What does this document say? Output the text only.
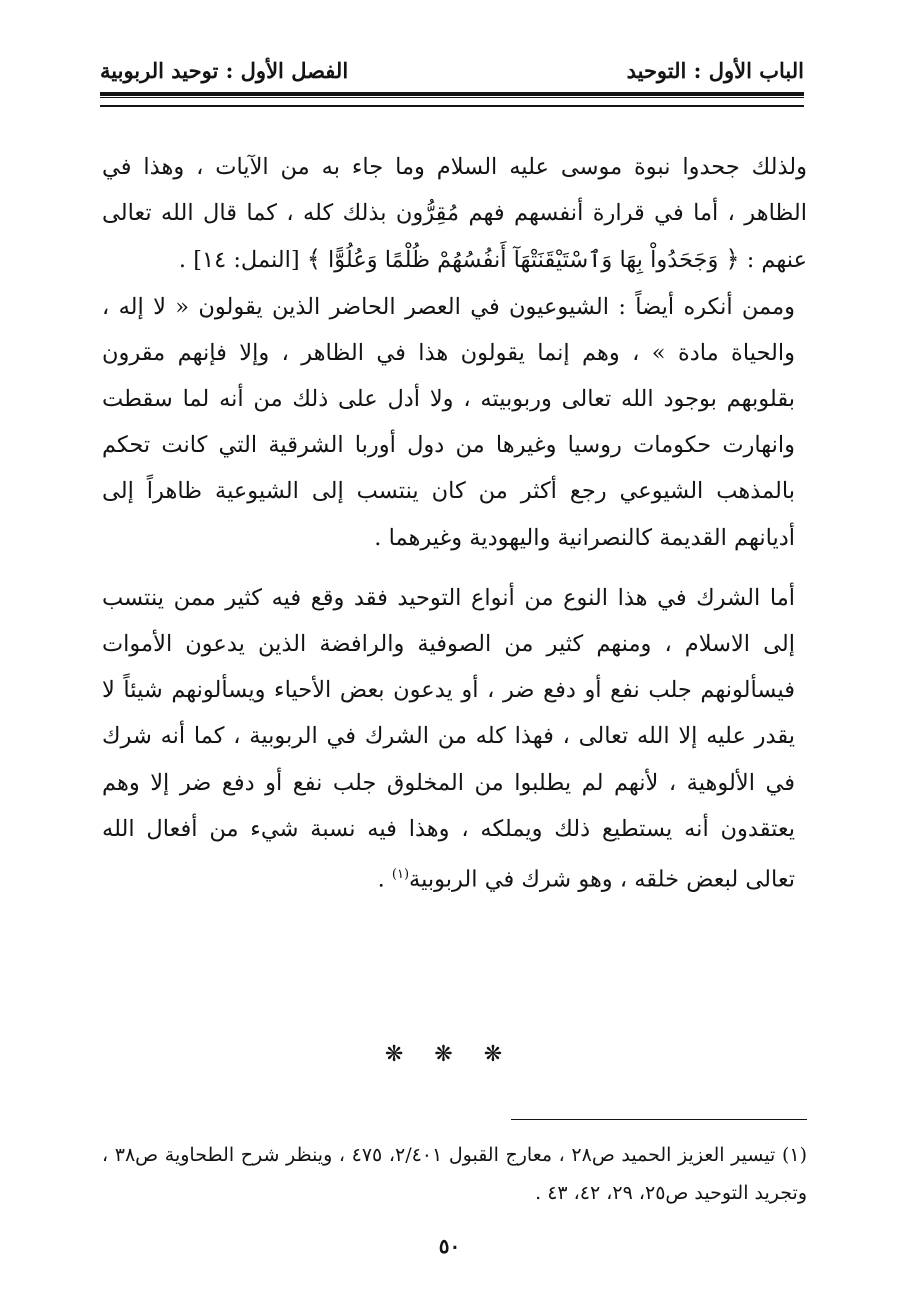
الباب الأول : التوحيد
الفصل الأول : توحيد الربوبية

ولذلك جحدوا نبوة موسى عليه السلام وما جاء به من الآيات ، وهذا في الظاهر ، أما في قرارة أنفسهم فهم مُقِرُّون بذلك كله ، كما قال الله تعالى عنهم : ﴿ وَجَحَدُواْ بِهَا وَٱسْتَيْقَنَتْهَآ أَنفُسُهُمْ ظُلْمًا وَعُلُوًّا ﴾ [النمل: ١٤] .

وممن أنكره أيضاً : الشيوعيون في العصر الحاضر الذين يقولون « لا إله ، والحياة مادة » ، وهم إنما يقولون هذا في الظاهر ، وإلا فإنهم مقرون بقلوبهم بوجود الله تعالى وربوبيته ، ولا أدل على ذلك من أنه لما سقطت وانهارت حكومات روسيا وغيرها من دول أوربا الشرقية التي كانت تحكم بالمذهب الشيوعي رجع أكثر من كان ينتسب إلى الشيوعية ظاهراً إلى أديانهم القديمة كالنصرانية واليهودية وغيرهما .

أما الشرك في هذا النوع من أنواع التوحيد فقد وقع فيه كثير ممن ينتسب إلى الاسلام ، ومنهم كثير من الصوفية والرافضة الذين يدعون الأموات فيسألونهم جلب نفع أو دفع ضر ، أو يدعون بعض الأحياء ويسألونهم شيئاً لا يقدر عليه إلا الله تعالى ، فهذا كله من الشرك في الربوبية ، كما أنه شرك في الألوهية ، لأنهم لم يطلبوا من المخلوق جلب نفع أو دفع ضر إلا وهم يعتقدون أنه يستطيع ذلك ويملكه ، وهذا فيه نسبة شيء من أفعال الله تعالى لبعض خلقه ، وهو شرك في الربوبية$^{(١)}$ .

❋ ❋ ❋

(١) تيسير العزيز الحميد ص٢٨ ، معارج القبول ٢/٤٠١، ٤٧٥ ، وينظر شرح الطحاوية ص٣٨ ، وتجريد التوحيد ص٢٥، ٢٩، ٤٢، ٤٣ .

٥٠
